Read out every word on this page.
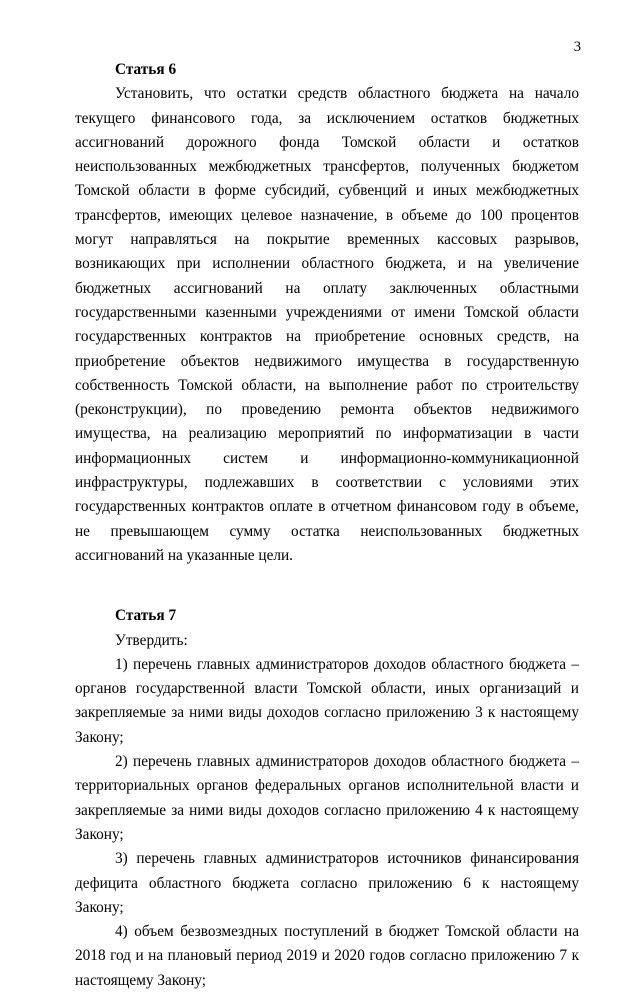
3
Статья 6

Установить, что остатки средств областного бюджета на начало текущего финансового года, за исключением остатков бюджетных ассигнований дорожного фонда Томской области и остатков неиспользованных межбюджетных трансфертов, полученных бюджетом Томской области в форме субсидий, субвенций и иных межбюджетных трансфертов, имеющих целевое назначение, в объеме до 100 процентов могут направляться на покрытие временных кассовых разрывов, возникающих при исполнении областного бюджета, и на увеличение бюджетных ассигнований на оплату заключенных областными государственными казенными учреждениями от имени Томской области государственных контрактов на приобретение основных средств, на приобретение объектов недвижимого имущества в государственную собственность Томской области, на выполнение работ по строительству (реконструкции), по проведению ремонта объектов недвижимого имущества, на реализацию мероприятий по информатизации в части информационных систем и информационно-коммуникационной инфраструктуры, подлежавших в соответствии с условиями этих государственных контрактов оплате в отчетном финансовом году в объеме, не превышающем сумму остатка неиспользованных бюджетных ассигнований на указанные цели.

Статья 7

Утвердить:

1) перечень главных администраторов доходов областного бюджета – органов государственной власти Томской области, иных организаций и закрепляемые за ними виды доходов согласно приложению 3 к настоящему Закону;

2) перечень главных администраторов доходов областного бюджета – территориальных органов федеральных органов исполнительной власти и закрепляемые за ними виды доходов согласно приложению 4 к настоящему Закону;

3) перечень главных администраторов источников финансирования дефицита областного бюджета согласно приложению 6 к настоящему Закону;

4) объем безвозмездных поступлений в бюджет Томской области на 2018 год и на плановый период 2019 и 2020 годов согласно приложению 7 к настоящему Закону;
